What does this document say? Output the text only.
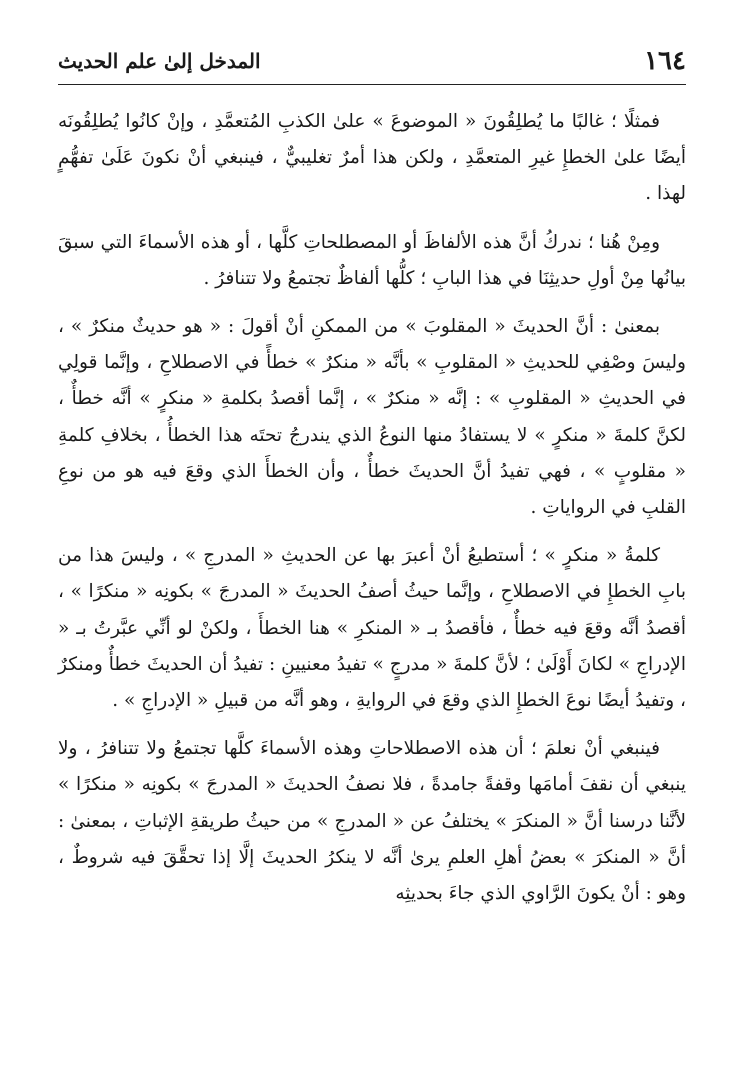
١٦٤
المدخل إلىٰ علم الحديث

فمثلًا ؛ غالبًا ما يُطلِقُونَ « الموضوعَ » علىٰ الكذبِ المُتعمَّدِ ، وإنْ كانُوا يُطلِقُونَه أيضًا علىٰ الخطإِ غيرِ المتعمَّدِ ، ولكن هذا أمرٌ تغليبيٌّ ، فينبغي أنْ نكونَ عَلَىٰ تفهُّمٍ لهذا .

ومِنْ هُنا ؛ ندركُ أنَّ هذه الألفاظَ أو المصطلحاتِ كلَّها ، أو هذه الأسماءَ التي سبقَ بيانُها مِنْ أولِ حديثِنَا في هذا البابِ ؛ كلُّها ألفاظٌ تجتمعُ ولا تتنافرُ .

بمعنىٰ : أنَّ الحديثَ « المقلوبَ » من الممكنِ أنْ أقولَ : « هو حديثٌ منكرٌ » ، وليسَ وصْفِي للحديثِ « المقلوبِ » بأنَّه « منكرٌ » خطأً في الاصطلاحِ ، وإنَّما قولِي في الحديثِ « المقلوبِ » : إنَّه « منكرٌ » ، إنَّما أقصدُ بكلمةِ « منكرٍ » أنَّه خطأٌ ، لكنَّ كلمةَ « منكرٍ » لا يستفادُ منها النوعُ الذي يندرجُ تحتَه هذا الخطأُ ، بخلافِ كلمةِ « مقلوبٍ » ، فهي تفيدُ أنَّ الحديثَ خطأٌ ، وأن الخطأَ الذي وقعَ فيه هو من نوعِ القلبِ في الرواياتِ .

كلمةُ « منكرٍ » ؛ أستطيعُ أنْ أعبرَ بها عن الحديثِ « المدرجِ » ، وليسَ هذا من بابِ الخطإِ في الاصطلاحِ ، وإنَّما حيثُ أصفُ الحديثَ « المدرجَ » بكونِه « منكرًا » ، أقصدُ أنَّه وقعَ فيه خطأٌ ، فأقصدُ بـ « المنكرِ » هنا الخطأَ ، ولكنْ لو أنِّي عبَّرتُ بـ « الإدراجِ » لكانَ أَوْلَىٰ ؛ لأنَّ كلمةَ « مدرجٍ » تفيدُ معنيينِ : تفيدُ أن الحديثَ خطأٌ ومنكرٌ ، وتفيدُ أيضًا نوعَ الخطإِ الذي وقعَ في الروايةِ ، وهو أنَّه من قبيلِ « الإدراجِ » .

فينبغي أنْ نعلمَ ؛ أن هذه الاصطلاحاتِ وهذه الأسماءَ كلَّها تجتمعُ ولا تتنافرُ ، ولا ينبغي أن نقفَ أمامَها وقفةً جامدةً ، فلا نصفُ الحديثَ « المدرجَ » بكونِه « منكرًا » لأنَّنا درسنا أنَّ « المنكرَ » يختلفُ عن « المدرجِ » من حيثُ طريقةِ الإثباتِ ، بمعنىٰ : أنَّ « المنكرَ » بعضُ أهلِ العلمِ يرىٰ أنَّه لا ينكرُ الحديثَ إلَّا إذا تحقَّقَ فيه شروطٌ ، وهو : أنْ يكونَ الرَّاوي الذي جاءَ بحديثِه
